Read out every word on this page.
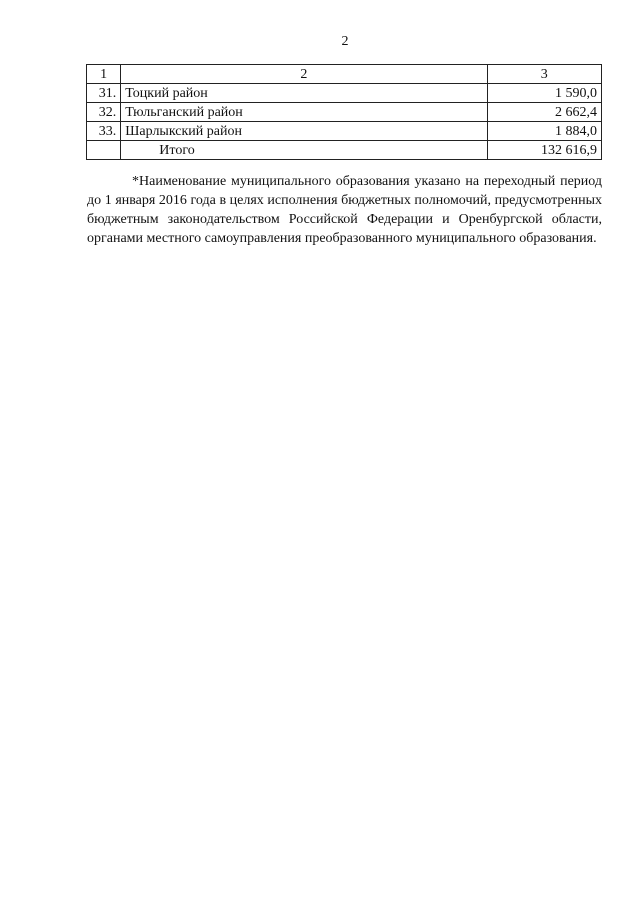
2
1	2	3
31.	Тоцкий район	1 590,0
32.	Тюльганский район	2 662,4
33.	Шарлыкский район	1 884,0
	Итого	132 616,9
*Наименование муниципального образования указано на переходный период до 1 января 2016 года в целях исполнения бюджетных полномочий, предусмотренных бюджетным законодательством Российской Федерации и Оренбургской области, органами местного самоуправления преобразованного муниципального образования.
